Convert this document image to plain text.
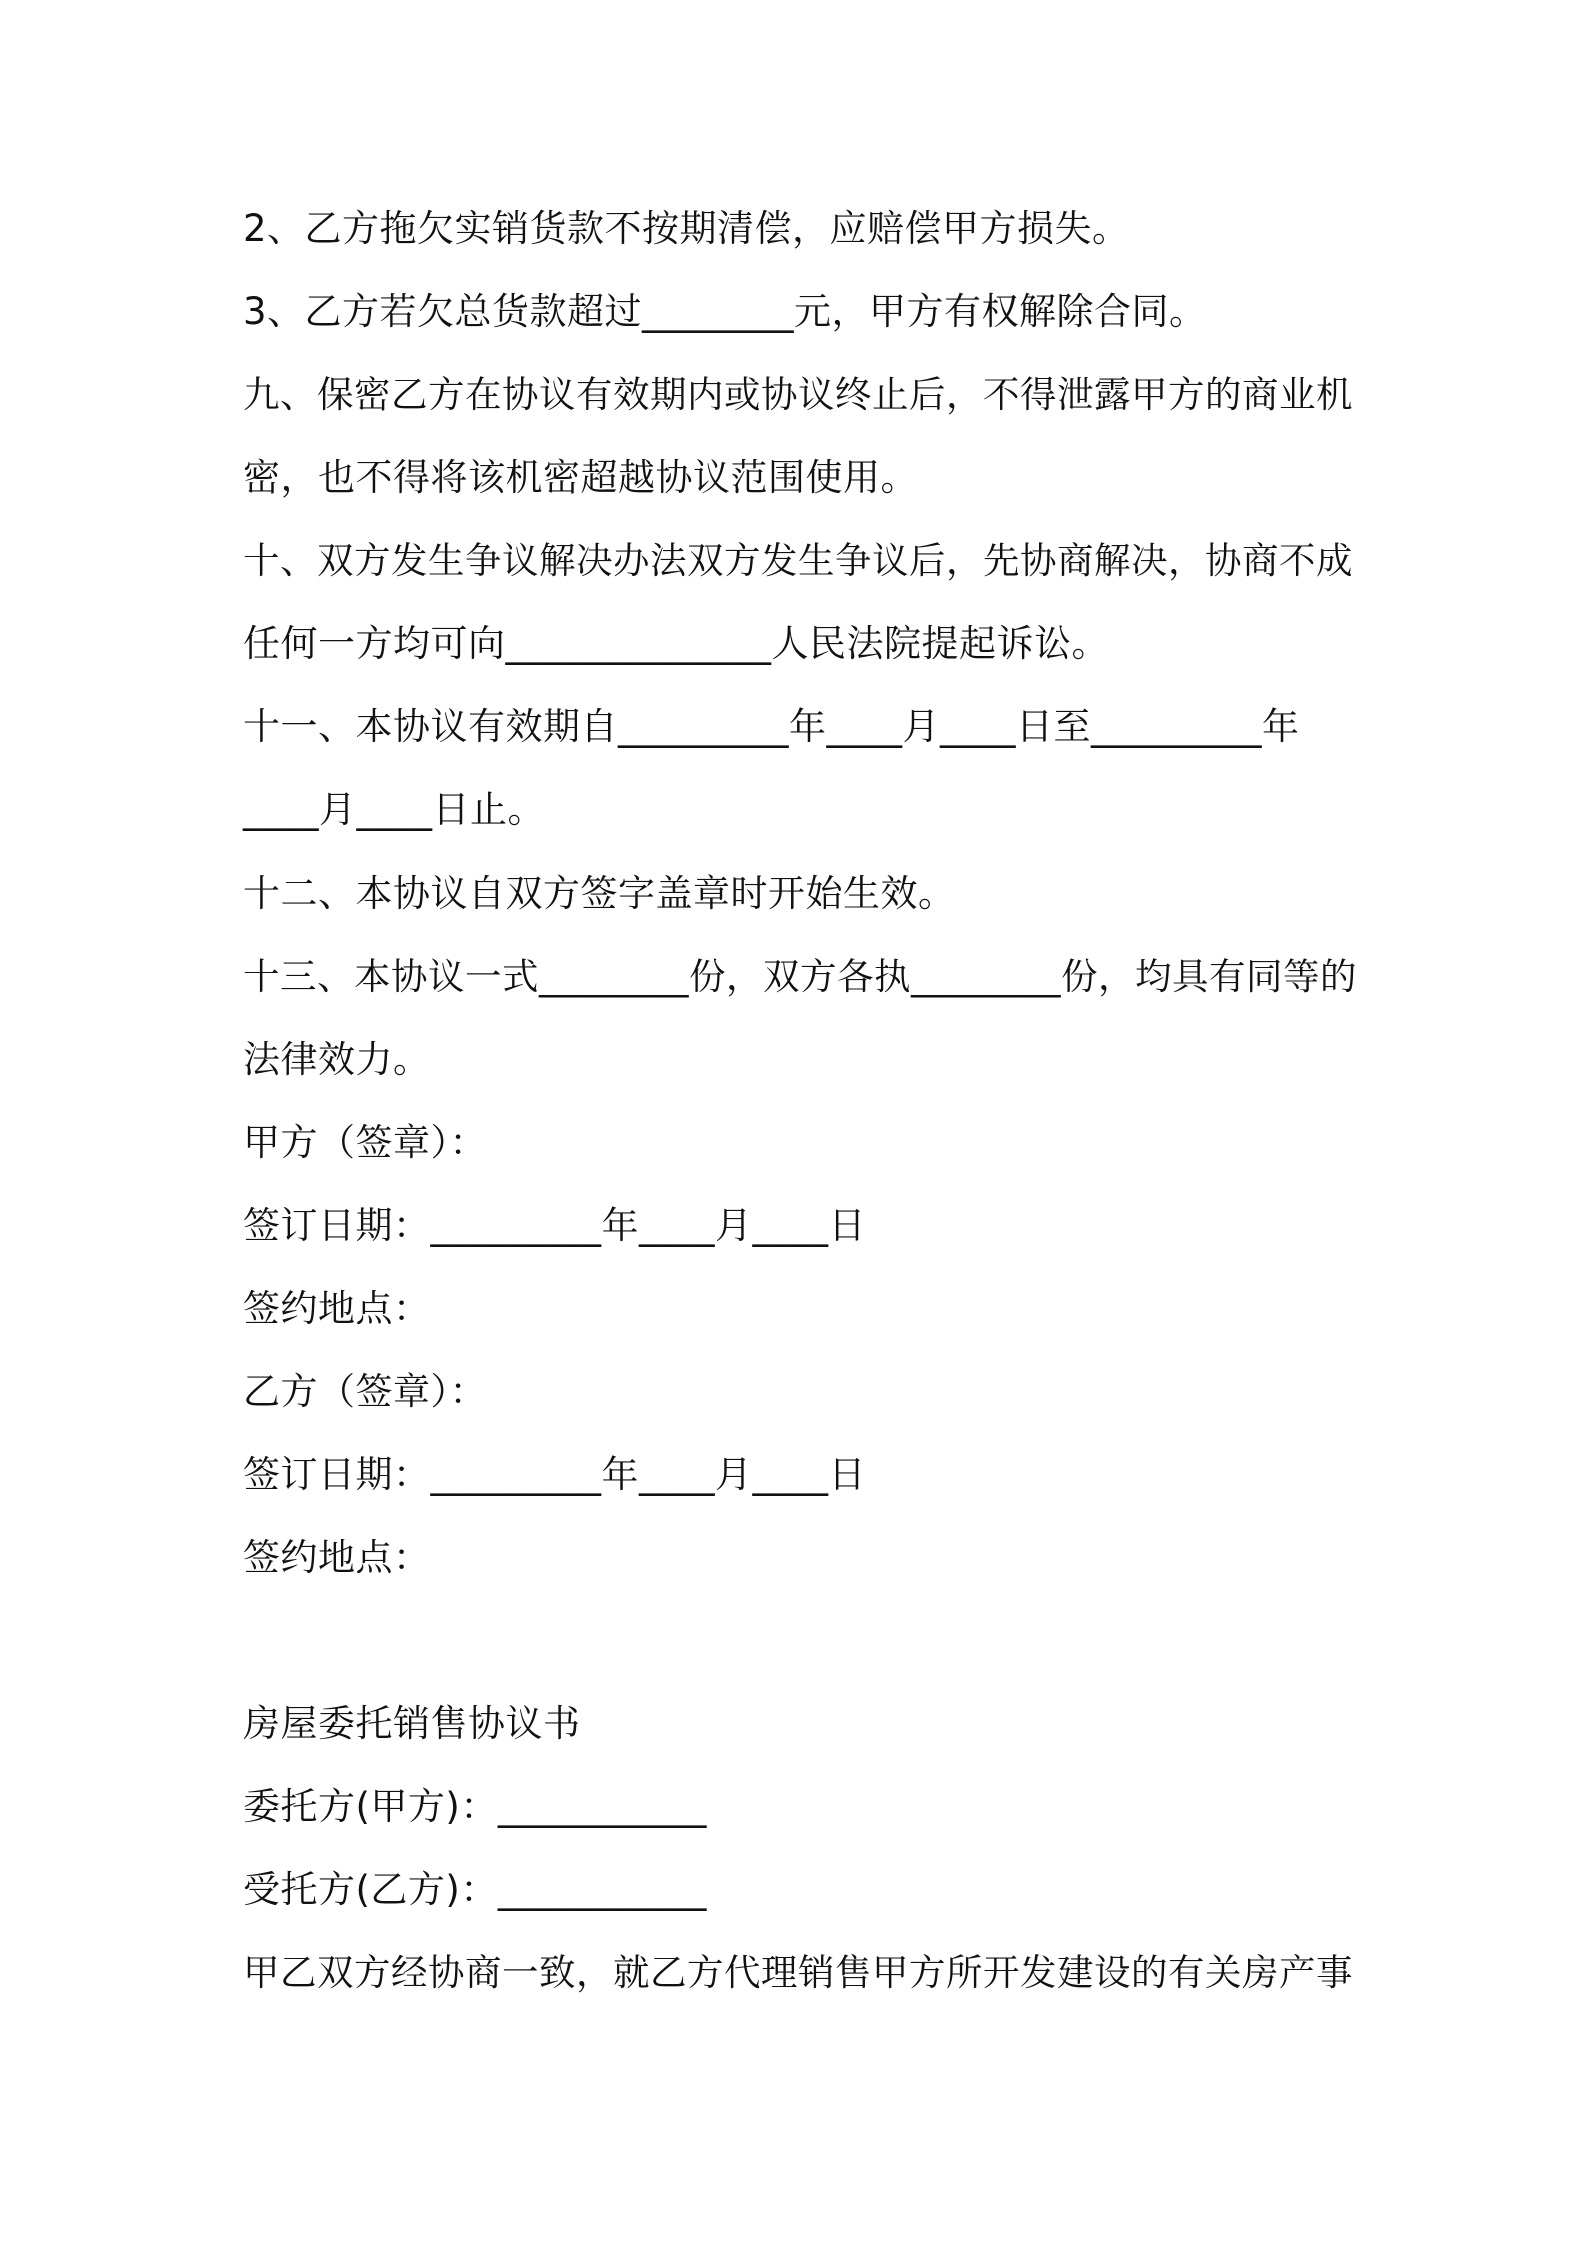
2、乙方拖欠实销货款不按期清偿，应赔偿甲方损失。
3、乙方若欠总货款超过________元，甲方有权解除合同。
九、保密乙方在协议有效期内或协议终止后，不得泄露甲方的商业机
密，也不得将该机密超越协议范围使用。
十、双方发生争议解决办法双方发生争议后，先协商解决，协商不成
任何一方均可向______________人民法院提起诉讼。
十一、本协议有效期自_________年____月____日至_________年
____月____日止。
十二、本协议自双方签字盖章时开始生效。
十三、本协议一式________份，双方各执________份，均具有同等的
法律效力。
甲方（签章）：
签订日期：_________年____月____日
签约地点：
乙方（签章）：
签订日期：_________年____月____日
签约地点：
房屋委托销售协议书
委托方(甲方)：___________
受托方(乙方)：___________
甲乙双方经协商一致，就乙方代理销售甲方所开发建设的有关房产事
